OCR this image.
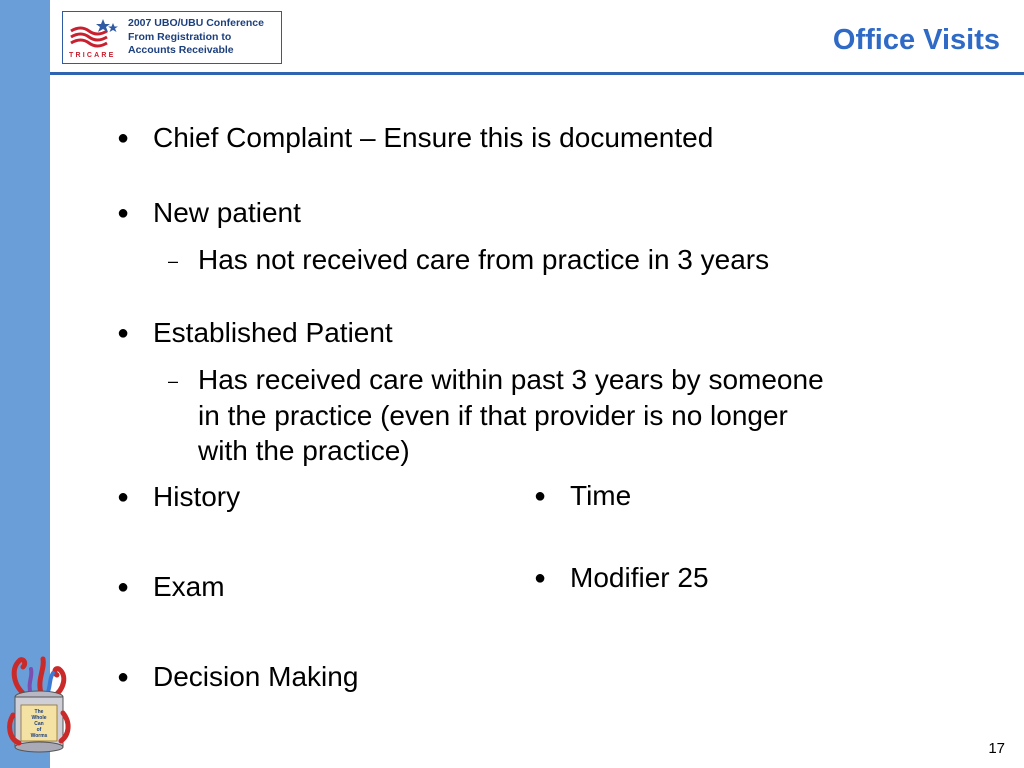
TRICARE
2007 UBO/UBU Conference
From Registration to
Accounts Receivable	Office Visits
● Chief Complaint – Ensure this is documented
● New patient
– Has not received care from practice in 3 years
● Established Patient
– Has received care within past 3 years by someone
in the practice (even if that provider is no longer
with the practice)
● History
● Exam
● Decision Making
● Time
● Modifier 25
The
Whole
Can
of
Worms
17
